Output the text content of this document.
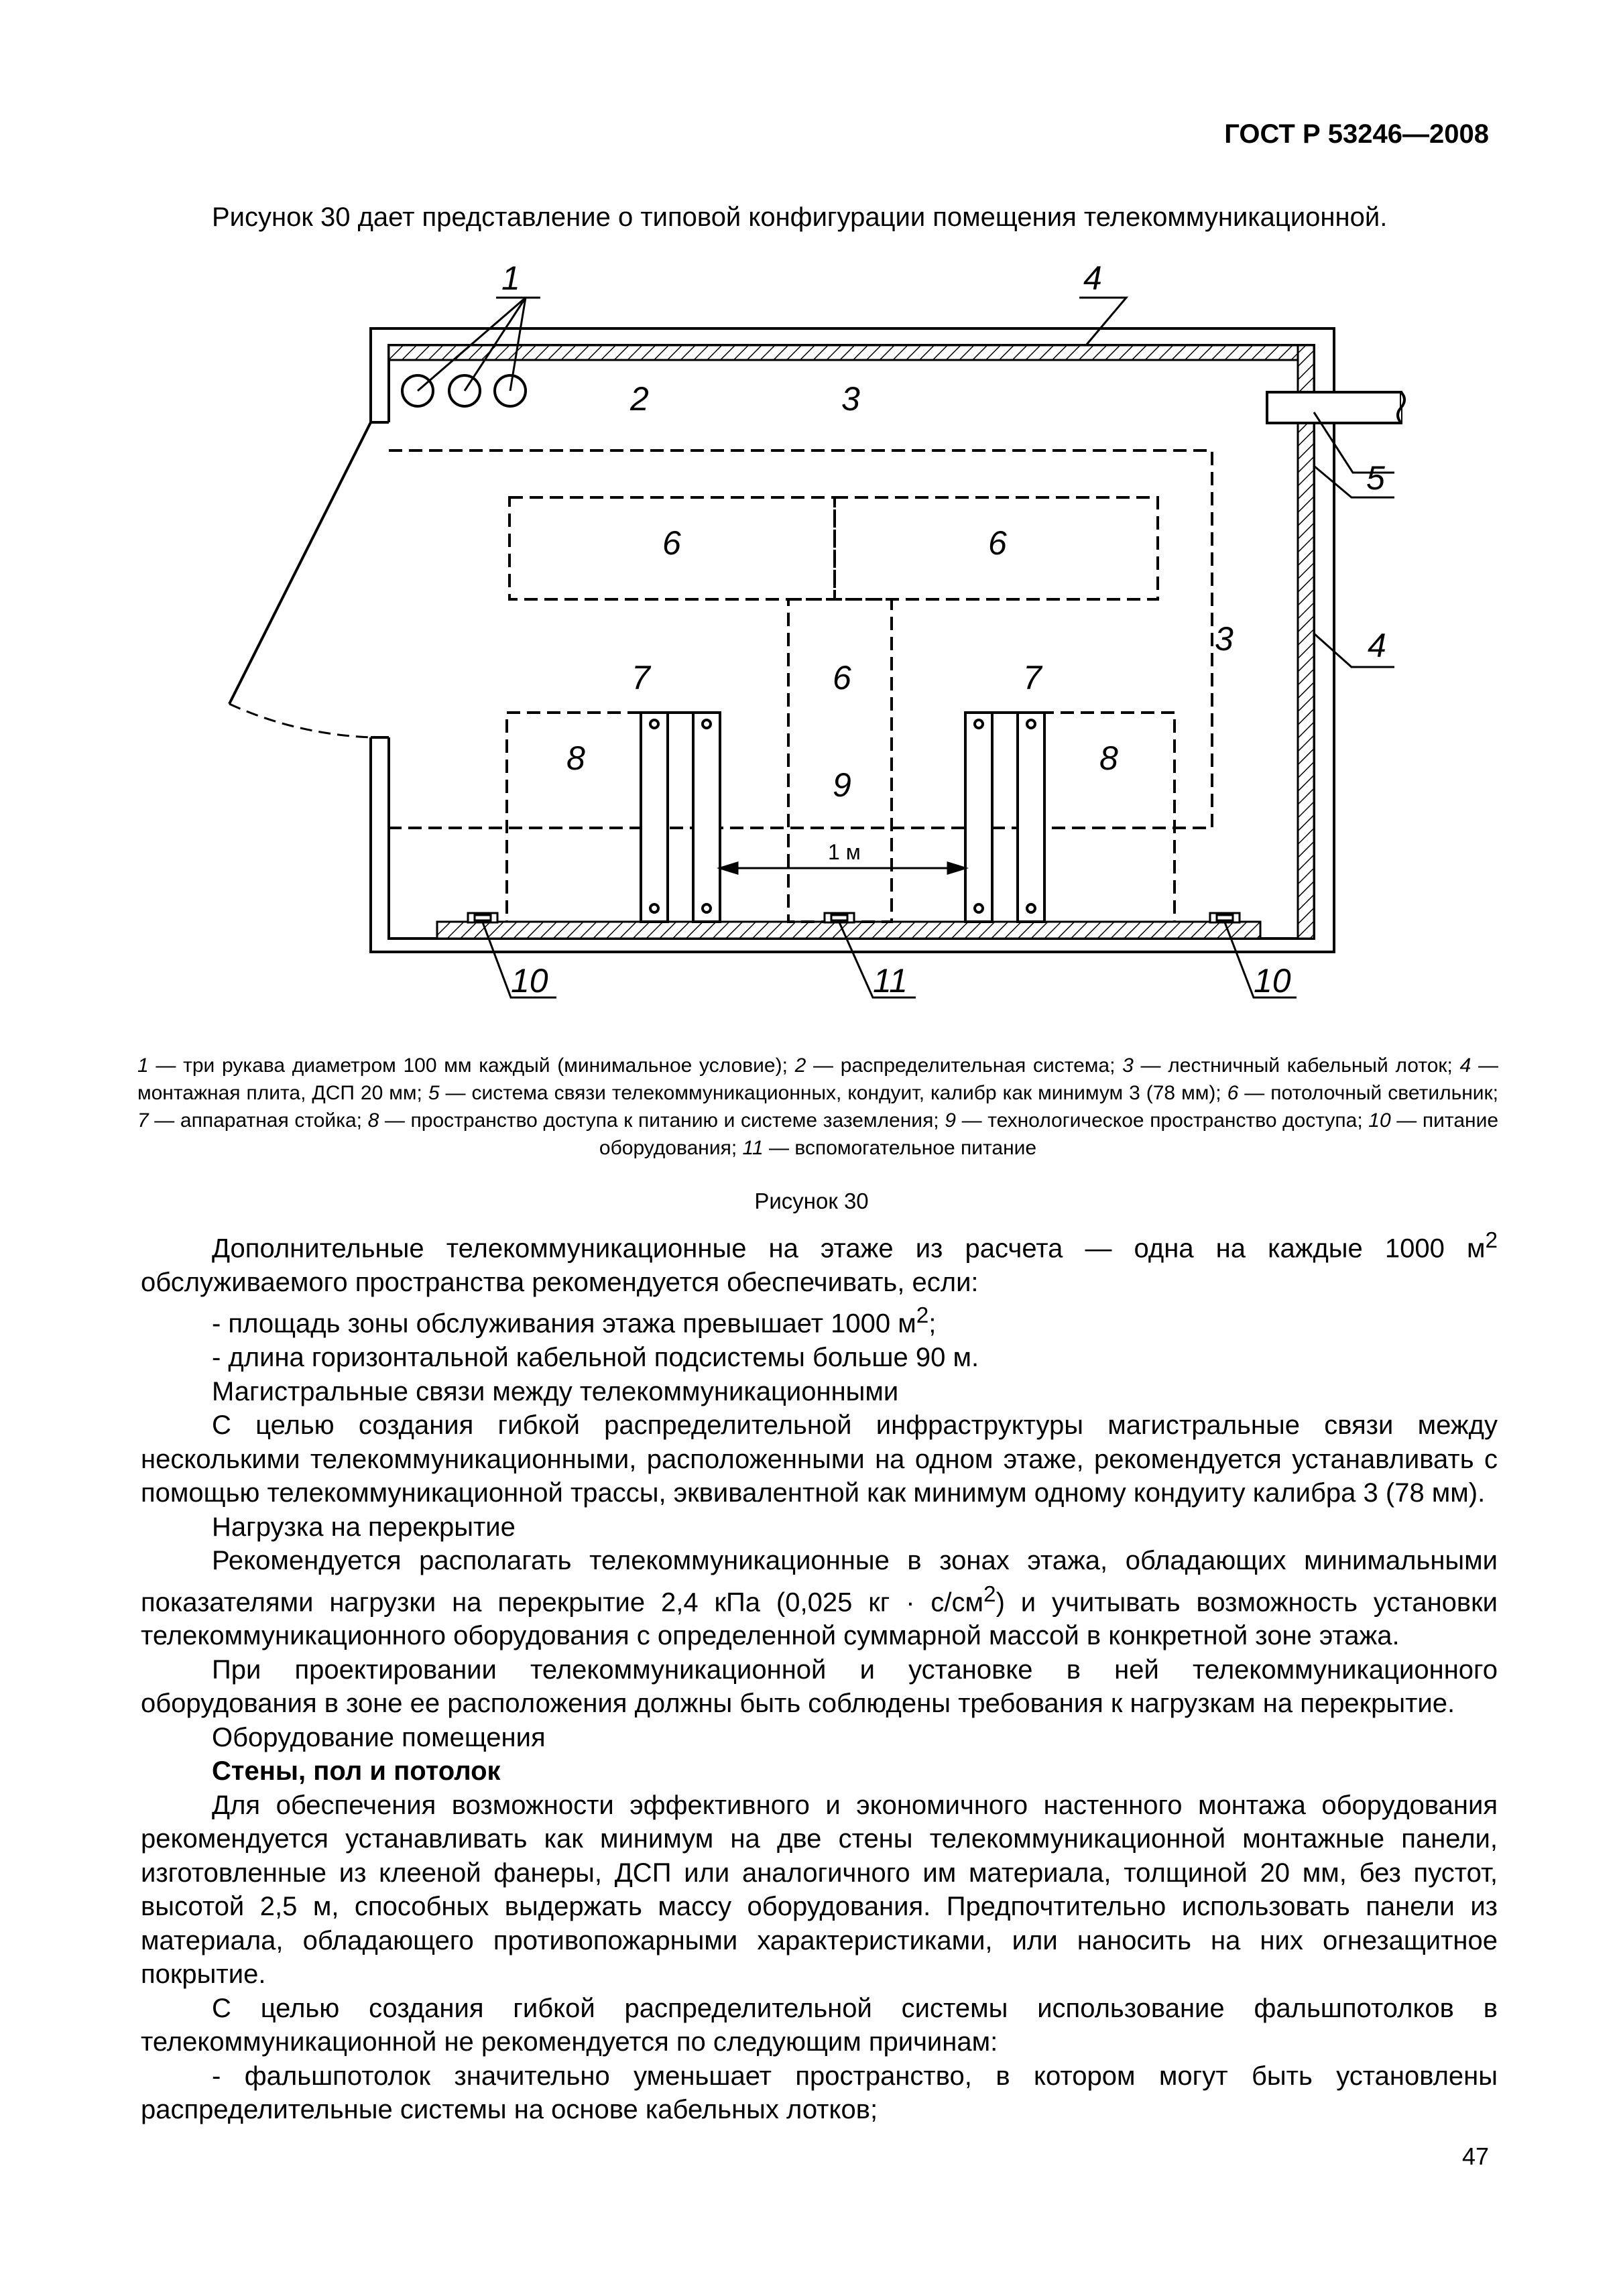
ГОСТ Р 53246—2008
Рисунок 30 дает представление о типовой конфигурации помещения телекоммуникационной.
1	4
2	3
5
6	6
3	4
7	6	7
8	8
9
1 м
10	11	10
1 — три рукава диаметром 100 мм каждый (минимальное условие); 2 — распределительная система; 3 — лестничный кабельный лоток; 4 — монтажная плита, ДСП 20 мм; 5 — система связи телекоммуникационных, кондуит, калибр как минимум 3 (78 мм); 6 — потолочный светильник; 7 — аппаратная стойка; 8 — пространство доступа к питанию и системе заземления; 9 — технологическое пространство доступа; 10 — питание оборудования; 11 — вспомогательное питание
Рисунок 30

Дополнительные телекоммуникационные на этаже из расчета — одна на каждые 1000 $м^2$ обслуживаемого пространства рекомендуется обеспечивать, если:

- площадь зоны обслуживания этажа превышает 1000 $м^2$;

- длина горизонтальной кабельной подсистемы больше 90 м.

Магистральные связи между телекоммуникационными

С целью создания гибкой распределительной инфраструктуры магистральные связи между несколькими телекоммуникационными, расположенными на одном этаже, рекомендуется устанавливать с помощью телекоммуникационной трассы, эквивалентной как минимум одному кондуиту калибра 3 (78 мм).

Нагрузка на перекрытие

Рекомендуется располагать телекоммуникационные в зонах этажа, обладающих минимальными показателями нагрузки на перекрытие 2,4 кПа (0,025 кг · $с/см^2$) и учитывать возможность установки телекоммуникационного оборудования с определенной суммарной массой в конкретной зоне этажа.

При проектировании телекоммуникационной и установке в ней телекоммуникационного оборудования в зоне ее расположения должны быть соблюдены требования к нагрузкам на перекрытие.

Оборудование помещения

Стены, пол и потолок

Для обеспечения возможности эффективного и экономичного настенного монтажа оборудования рекомендуется устанавливать как минимум на две стены телекоммуникационной монтажные панели, изготовленные из клееной фанеры, ДСП или аналогичного им материала, толщиной 20 мм, без пустот, высотой 2,5 м, способных выдержать массу оборудования. Предпочтительно использовать панели из материала, обладающего противопожарными характеристиками, или наносить на них огнезащитное покрытие.

С целью создания гибкой распределительной системы использование фальшпотолков в телекоммуникационной не рекомендуется по следующим причинам:

- фальшпотолок значительно уменьшает пространство, в котором могут быть установлены распределительные системы на основе кабельных лотков;

47
